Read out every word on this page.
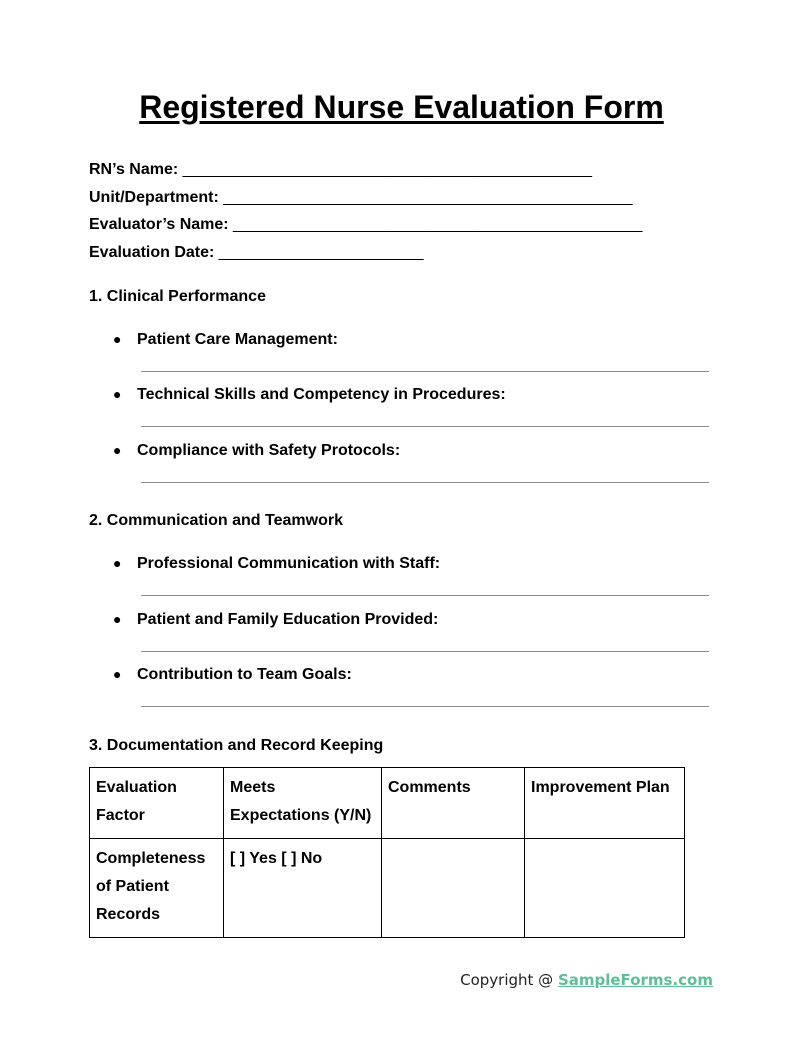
Registered Nurse Evaluation Form
RN’s Name: ______________________________________________
Unit/Department: ______________________________________________
Evaluator’s Name: ______________________________________________
Evaluation Date: _______________________
1. Clinical Performance
● Patient Care Management:
● Technical Skills and Competency in Procedures:
● Compliance with Safety Protocols:
2. Communication and Teamwork
● Professional Communication with Staff:
● Patient and Family Education Provided:
● Contribution to Team Goals:
3. Documentation and Record Keeping
Evaluation Factor	Meets Expectations (Y/N)	Comments	Improvement Plan
Completeness of Patient Records	[ ] Yes [ ] No		
Copyright @ SampleForms.com
